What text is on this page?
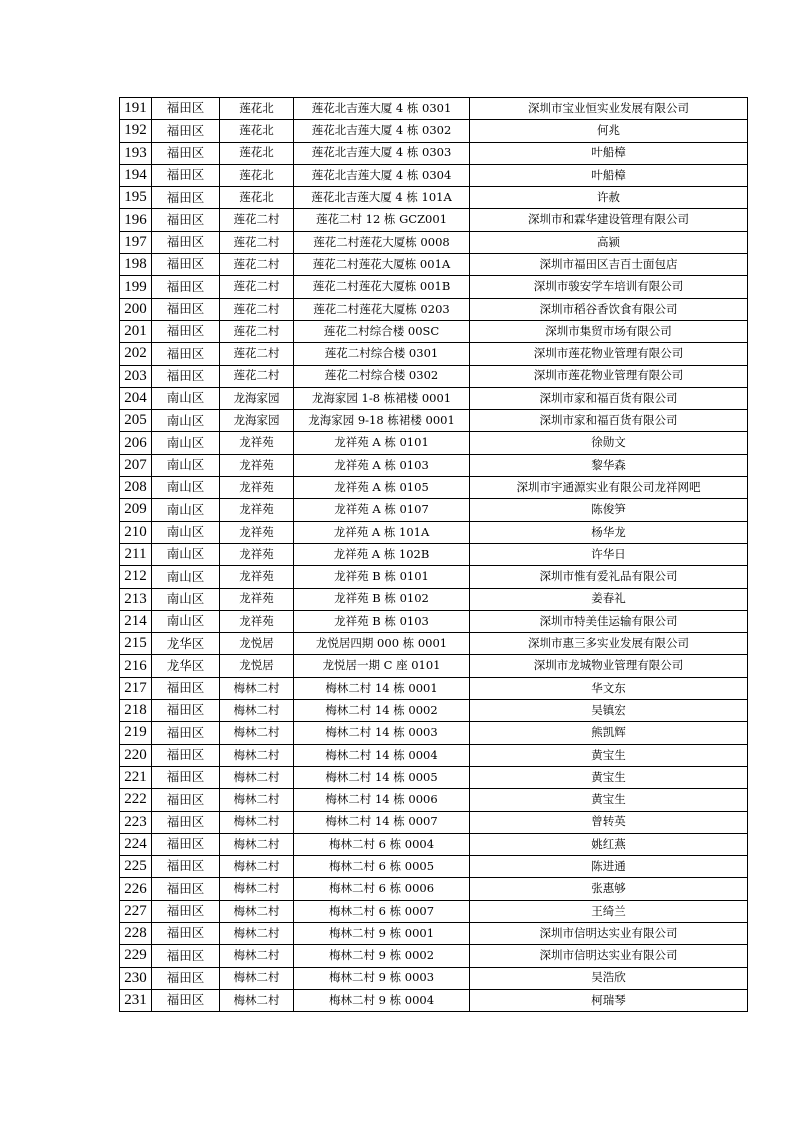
191	福田区	莲花北	莲花北吉莲大厦 4 栋 0301	深圳市宝业恒实业发展有限公司
192	福田区	莲花北	莲花北吉莲大厦 4 栋 0302	何兆
193	福田区	莲花北	莲花北吉莲大厦 4 栋 0303	叶船樟
194	福田区	莲花北	莲花北吉莲大厦 4 栋 0304	叶船樟
195	福田区	莲花北	莲花北吉莲大厦 4 栋 101A	许赦
196	福田区	莲花二村	莲花二村 12 栋 GCZ001	深圳市和霖华建设管理有限公司
197	福田区	莲花二村	莲花二村莲花大厦栋 0008	高颍
198	福田区	莲花二村	莲花二村莲花大厦栋 001A	深圳市福田区吉百士面包店
199	福田区	莲花二村	莲花二村莲花大厦栋 001B	深圳市骏安学车培训有限公司
200	福田区	莲花二村	莲花二村莲花大厦栋 0203	深圳市稻谷香饮食有限公司
201	福田区	莲花二村	莲花二村综合楼 00SC	深圳市集贸市场有限公司
202	福田区	莲花二村	莲花二村综合楼 0301	深圳市莲花物业管理有限公司
203	福田区	莲花二村	莲花二村综合楼 0302	深圳市莲花物业管理有限公司
204	南山区	龙海家园	龙海家园 1-8 栋裙楼 0001	深圳市家和福百货有限公司
205	南山区	龙海家园	龙海家园 9-18 栋裙楼 0001	深圳市家和福百货有限公司
206	南山区	龙祥苑	龙祥苑 A 栋 0101	徐勋文
207	南山区	龙祥苑	龙祥苑 A 栋 0103	黎华森
208	南山区	龙祥苑	龙祥苑 A 栋 0105	深圳市宇通源实业有限公司龙祥网吧
209	南山区	龙祥苑	龙祥苑 A 栋 0107	陈俊笋
210	南山区	龙祥苑	龙祥苑 A 栋 101A	杨华龙
211	南山区	龙祥苑	龙祥苑 A 栋 102B	许华日
212	南山区	龙祥苑	龙祥苑 B 栋 0101	深圳市惟有爱礼品有限公司
213	南山区	龙祥苑	龙祥苑 B 栋 0102	姜春礼
214	南山区	龙祥苑	龙祥苑 B 栋 0103	深圳市特美佳运输有限公司
215	龙华区	龙悦居	龙悦居四期 000 栋 0001	深圳市惠三多实业发展有限公司
216	龙华区	龙悦居	龙悦居一期 C 座 0101	深圳市龙城物业管理有限公司
217	福田区	梅林二村	梅林二村 14 栋 0001	华文东
218	福田区	梅林二村	梅林二村 14 栋 0002	吴镇宏
219	福田区	梅林二村	梅林二村 14 栋 0003	熊凯辉
220	福田区	梅林二村	梅林二村 14 栋 0004	黄宝生
221	福田区	梅林二村	梅林二村 14 栋 0005	黄宝生
222	福田区	梅林二村	梅林二村 14 栋 0006	黄宝生
223	福田区	梅林二村	梅林二村 14 栋 0007	曾转英
224	福田区	梅林二村	梅林二村 6 栋 0004	姚红燕
225	福田区	梅林二村	梅林二村 6 栋 0005	陈进通
226	福田区	梅林二村	梅林二村 6 栋 0006	张惠够
227	福田区	梅林二村	梅林二村 6 栋 0007	王绮兰
228	福田区	梅林二村	梅林二村 9 栋 0001	深圳市信明达实业有限公司
229	福田区	梅林二村	梅林二村 9 栋 0002	深圳市信明达实业有限公司
230	福田区	梅林二村	梅林二村 9 栋 0003	吴浩欣
231	福田区	梅林二村	梅林二村 9 栋 0004	柯瑞琴
